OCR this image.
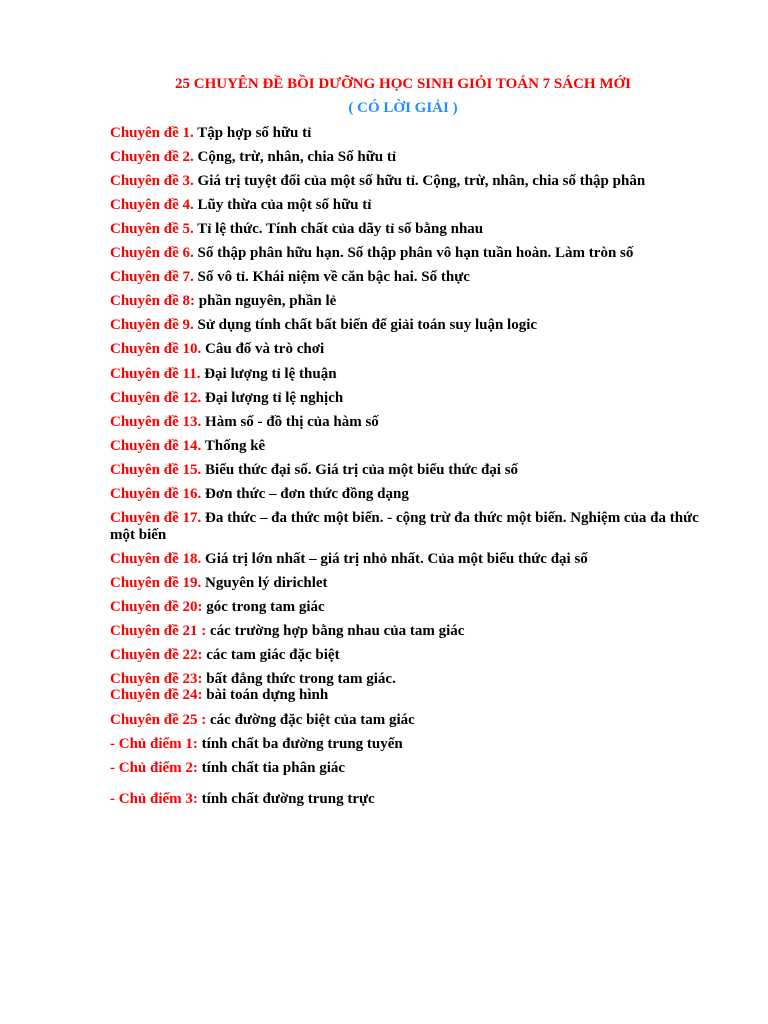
25 CHUYÊN ĐỀ BỒI DƯỠNG HỌC SINH GIỎI TOÁN 7 SÁCH MỚI
( CÓ LỜI GIẢI )
Chuyên đề 1. Tập hợp số hữu tỉ
Chuyên đề 2. Cộng, trừ, nhân, chia Số hữu tỉ
Chuyên đề 3. Giá trị tuyệt đối của một số hữu tỉ. Cộng, trừ, nhân, chia số thập phân
Chuyên đề 4. Lũy thừa của một số hữu tỉ
Chuyên đề 5. Tỉ lệ thức. Tính chất của dãy tỉ số bằng nhau
Chuyên đề 6. Số thập phân hữu hạn. Số thập phân vô hạn tuần hoàn. Làm tròn số
Chuyên đề 7. Số vô tỉ. Khái niệm về căn bậc hai. Số thực
Chuyên đề 8: phần nguyên, phần lẻ
Chuyên đề 9. Sử dụng tính chất bất biến để giải toán suy luận logic
Chuyên đề 10. Câu đố và trò chơi
Chuyên đề 11. Đại lượng tỉ lệ thuận
Chuyên đề 12. Đại lượng tỉ lệ nghịch
Chuyên đề 13. Hàm số - đồ thị của hàm số
Chuyên đề 14. Thống kê
Chuyên đề 15. Biểu thức đại số. Giá trị của một biểu thức đại số
Chuyên đề 16. Đơn thức – đơn thức đồng dạng
Chuyên đề 17. Đa thức – đa thức một biến. - cộng trừ đa thức một biến. Nghiệm của đa thức một biến
Chuyên đề 18. Giá trị lớn nhất – giá trị nhỏ nhất. Của một biểu thức đại số
Chuyên đề 19. Nguyên lý dirichlet
Chuyên đề 20: góc trong tam giác
Chuyên đề 21 : các trường hợp bằng nhau của tam giác
Chuyên đề 22: các tam giác đặc biệt
Chuyên đề 23: bất đẳng thức trong tam giác.
Chuyên đề 24: bài toán dựng hình
Chuyên đề 25 : các đường đặc biệt của tam giác
- Chủ điểm 1: tính chất ba đường trung tuyến
- Chủ điểm 2: tính chất tia phân giác
- Chủ điểm 3: tính chất đường trung trực
